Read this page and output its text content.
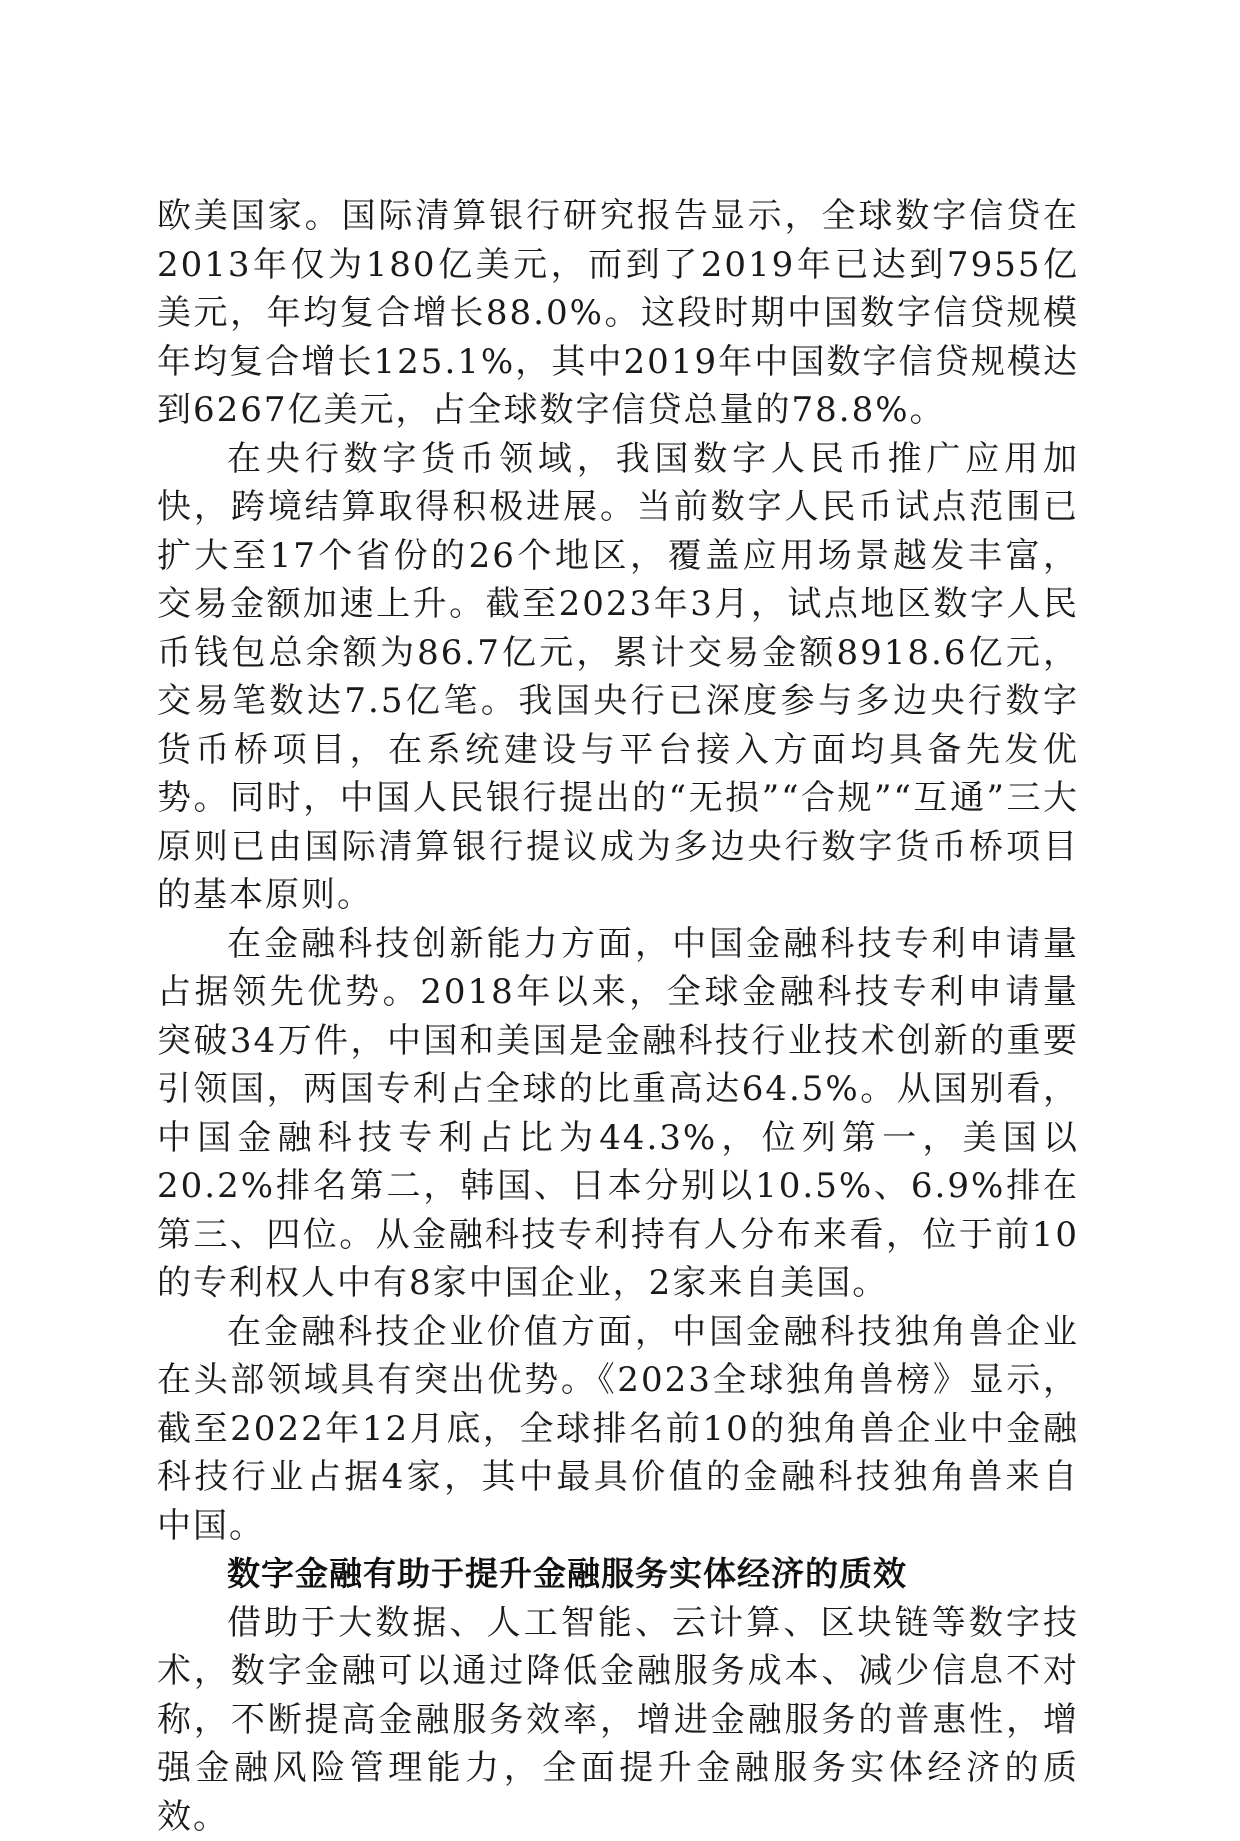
欧美国家。国际清算银行研究报告显示，全球数字信贷在2013年仅为180亿美元，而到了2019年已达到7955亿美元，年均复合增长88.0%。这段时期中国数字信贷规模年均复合增长125.1%，其中2019年中国数字信贷规模达到6267亿美元，占全球数字信贷总量的78.8%。

在央行数字货币领域，我国数字人民币推广应用加快，跨境结算取得积极进展。当前数字人民币试点范围已扩大至17个省份的26个地区，覆盖应用场景越发丰富，交易金额加速上升。截至2023年3月，试点地区数字人民币钱包总余额为86.7亿元，累计交易金额8918.6亿元，交易笔数达7.5亿笔。我国央行已深度参与多边央行数字货币桥项目，在系统建设与平台接入方面均具备先发优势。同时，中国人民银行提出的“无损”“合规”“互通”三大原则已由国际清算银行提议成为多边央行数字货币桥项目的基本原则。

在金融科技创新能力方面，中国金融科技专利申请量占据领先优势。2018年以来，全球金融科技专利申请量突破34万件，中国和美国是金融科技行业技术创新的重要引领国，两国专利占全球的比重高达64.5%。从国别看，中国金融科技专利占比为44.3%，位列第一，美国以20.2%排名第二，韩国、日本分别以10.5%、6.9%排在第三、四位。从金融科技专利持有人分布来看，位于前10的专利权人中有8家中国企业，2家来自美国。

在金融科技企业价值方面，中国金融科技独角兽企业在头部领域具有突出优势。《2023全球独角兽榜》显示，截至2022年12月底，全球排名前10的独角兽企业中金融科技行业占据4家，其中最具价值的金融科技独角兽来自中国。

数字金融有助于提升金融服务实体经济的质效

借助于大数据、人工智能、云计算、区块链等数字技术，数字金融可以通过降低金融服务成本、减少信息不对称，不断提高金融服务效率，增进金融服务的普惠性，增强金融风险管理能力，全面提升金融服务实体经济的质效。
